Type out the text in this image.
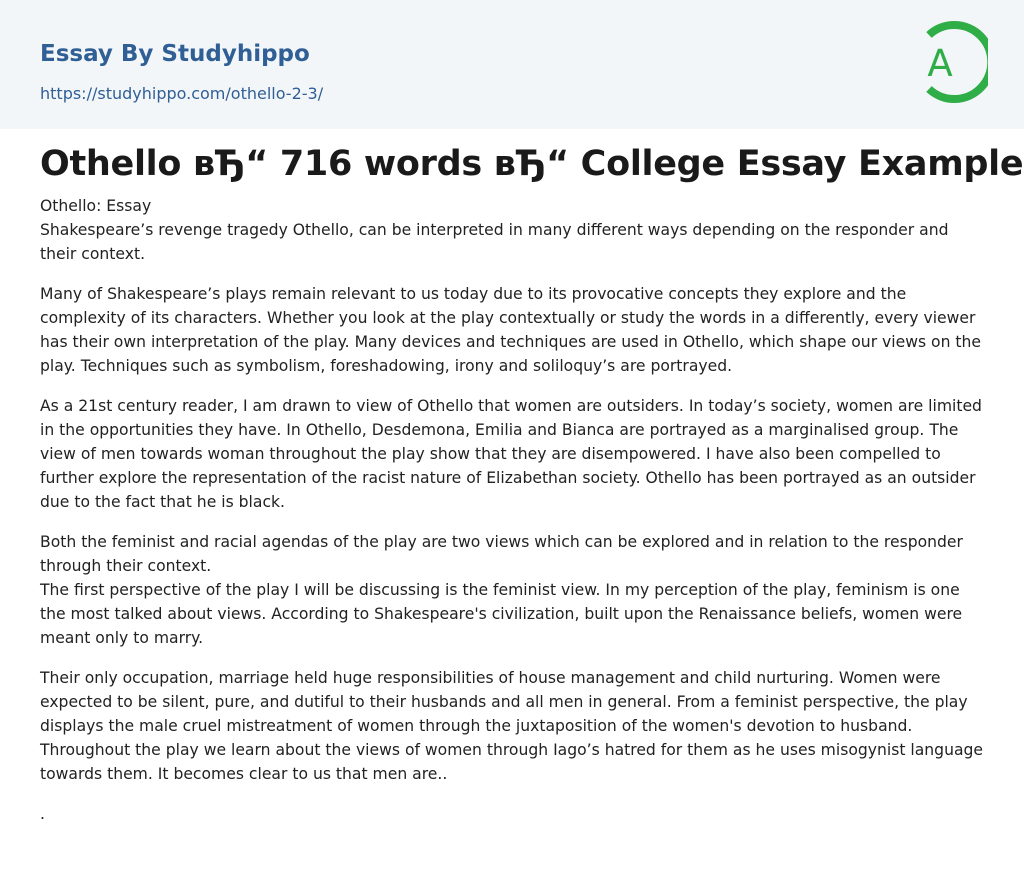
Essay By Studyhippo
https://studyhippo.com/othello-2-3/
A
Othello вЂ“ 716 words вЂ“ College Essay Example

Othello: Essay

Shakespeare’s revenge tragedy Othello, can be interpreted in many different ways depending on the responder and their context.

Many of Shakespeare’s plays remain relevant to us today due to its provocative concepts they explore and the complexity of its characters. Whether you look at the play contextually or study the words in a differently, every viewer has their own interpretation of the play. Many devices and techniques are used in Othello, which shape our views on the play. Techniques such as symbolism, foreshadowing, irony and soliloquy’s are portrayed.

As a 21st century reader, I am drawn to view of Othello that women are outsiders. In today’s society, women are limited in the opportunities they have. In Othello, Desdemona, Emilia and Bianca are portrayed as a marginalised group. The view of men towards woman throughout the play show that they are disempowered. I have also been compelled to further explore the representation of the racist nature of Elizabethan society. Othello has been portrayed as an outsider due to the fact that he is black.

Both the feminist and racial agendas of the play are two views which can be explored and in relation to the responder through their context.

The first perspective of the play I will be discussing is the feminist view. In my perception of the play, feminism is one the most talked about views. According to Shakespeare's civilization, built upon the Renaissance beliefs, women were meant only to marry.

Their only occupation, marriage held huge responsibilities of house management and child nurturing. Women were expected to be silent, pure, and dutiful to their husbands and all men in general. From a feminist perspective, the play displays the male cruel mistreatment of women through the juxtaposition of the women's devotion to husband. Throughout the play we learn about the views of women through Iago’s hatred for them as he uses misogynist language towards them. It becomes clear to us that men are..

.
